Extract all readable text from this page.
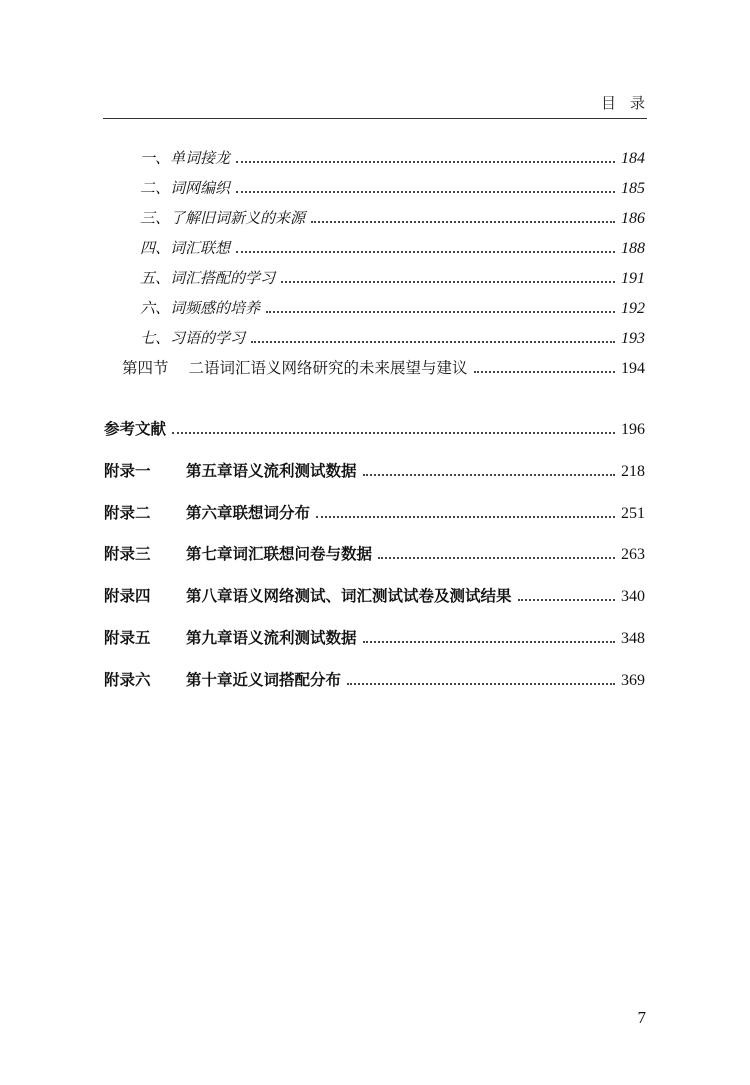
目录
一、单词接龙	184
二、词网编织	185
三、了解旧词新义的来源	186
四、词汇联想	188
五、词汇搭配的学习	191
六、词频感的培养	192
七、习语的学习	193
第四节 二语词汇语义网络研究的未来展望与建议	194
参考文献	196
附录一 第五章语义流利测试数据	218
附录二 第六章联想词分布	251
附录三 第七章词汇联想问卷与数据	263
附录四 第八章语义网络测试、词汇测试试卷及测试结果	340
附录五 第九章语义流利测试数据	348
附录六 第十章近义词搭配分布	369
7
